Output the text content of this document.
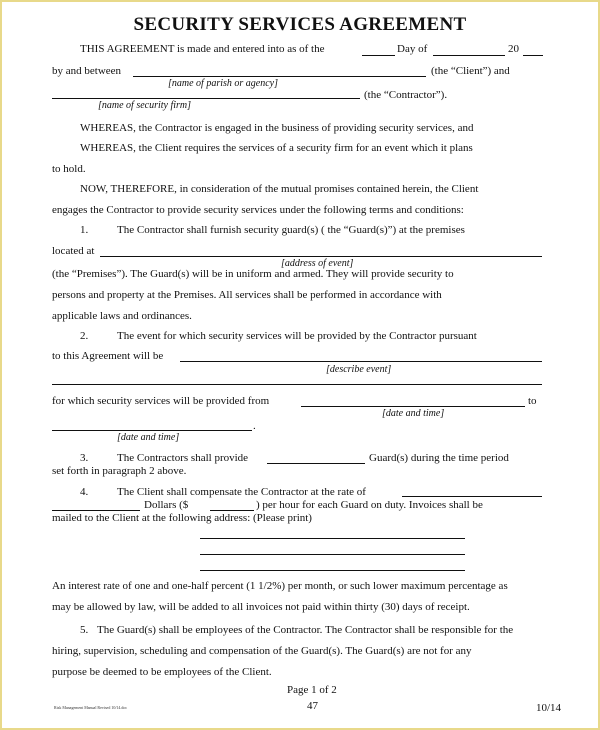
SECURITY SERVICES AGREEMENT
THIS AGREEMENT is made and entered into as of the	Day of	20
by and between	(the “Client”) and
[name of parish or agency]
(the “Contractor”).
[name of security firm]
WHEREAS, the Contractor is engaged in the business of providing security services, and
WHEREAS, the Client requires the services of a security firm for an event which it plans
to hold.
NOW, THEREFORE, in consideration of the mutual promises contained herein, the Client
engages the Contractor to provide security services under the following terms and conditions:
1.	The Contractor shall furnish security guard(s) ( the “Guard(s)”) at the premises
located at
[address of event]
(the “Premises”). The Guard(s) will be in uniform and armed. They will provide security to
persons and property at the Premises. All services shall be performed in accordance with
applicable laws and ordinances.
2.	The event for which security services will be provided by the Contractor pursuant
to this Agreement will be
[describe event]
for which security services will be provided from	to
[date and time]
.
[date and time]
3.	The Contractors shall provide	Guard(s) during the time period
set forth in paragraph 2 above.
4.	The Client shall compensate the Contractor at the rate of
Dollars ($	) per hour for each Guard on duty. Invoices shall be
mailed to the Client at the following address: (Please print)
An interest rate of one and one-half percent (1 1/2%) per month, or such lower maximum percentage as
may be allowed by law, will be added to all invoices not paid within thirty (30) days of receipt.
5. The Guard(s) shall be employees of the Contractor. The Contractor shall be responsible for the
hiring, supervision, scheduling and compensation of the Guard(s). The Guard(s) are not for any
purpose be deemed to be employees of the Client.
Page 1 of 2
47
Risk Management Manual Revised 10/14.doc	10/14
